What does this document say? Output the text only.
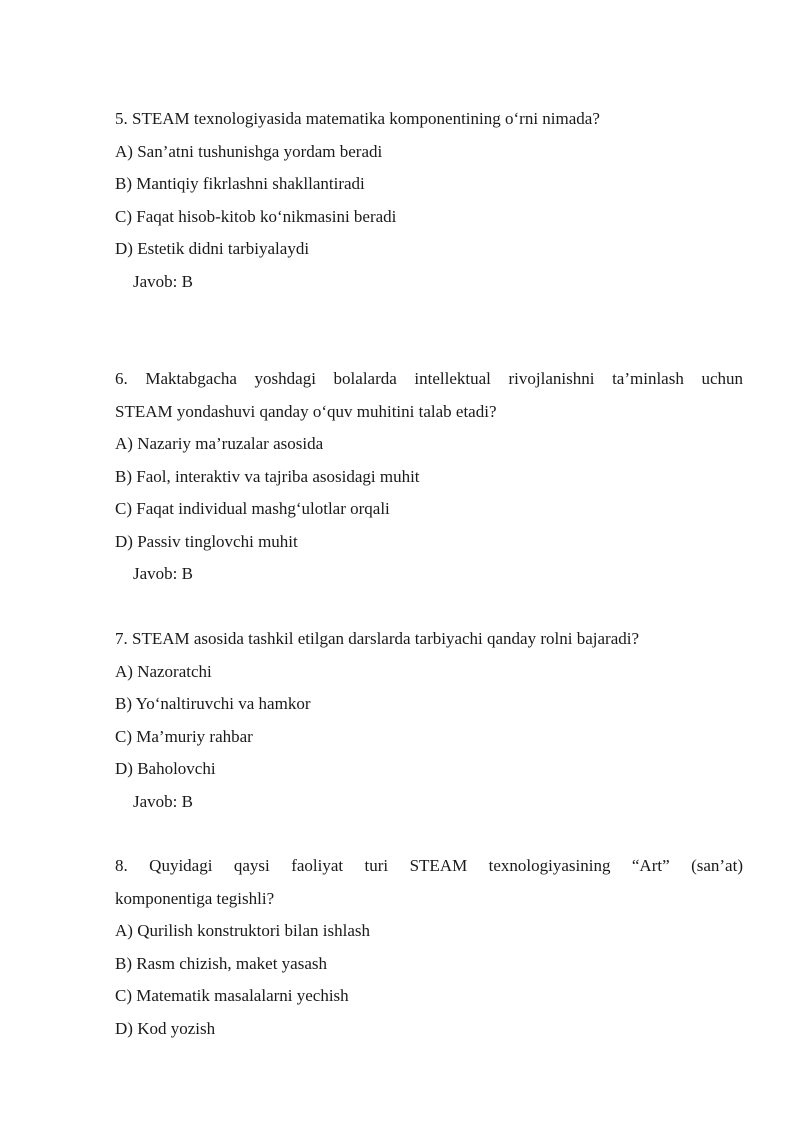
5. STEAM texnologiyasida matematika komponentining o‘rni nimada?
A) San’atni tushunishga yordam beradi
B) Mantiqiy fikrlashni shakllantiradi
C) Faqat hisob-kitob ko‘nikmasini beradi
D) Estetik didni tarbiyalaydi
Javob: B
6. Maktabgacha yoshdagi bolalarda intellektual rivojlanishni ta’minlash uchun
STEAM yondashuvi qanday o‘quv muhitini talab etadi?
A) Nazariy ma’ruzalar asosida
B) Faol, interaktiv va tajriba asosidagi muhit
C) Faqat individual mashg‘ulotlar orqali
D) Passiv tinglovchi muhit
Javob: B
7. STEAM asosida tashkil etilgan darslarda tarbiyachi qanday rolni bajaradi?
A) Nazoratchi
B) Yo‘naltiruvchi va hamkor
C) Ma’muriy rahbar
D) Baholovchi
Javob: B
8. Quyidagi qaysi faoliyat turi STEAM texnologiyasining “Art” (san’at)
komponentiga tegishli?
A) Qurilish konstruktori bilan ishlash
B) Rasm chizish, maket yasash
C) Matematik masalalarni yechish
D) Kod yozish
